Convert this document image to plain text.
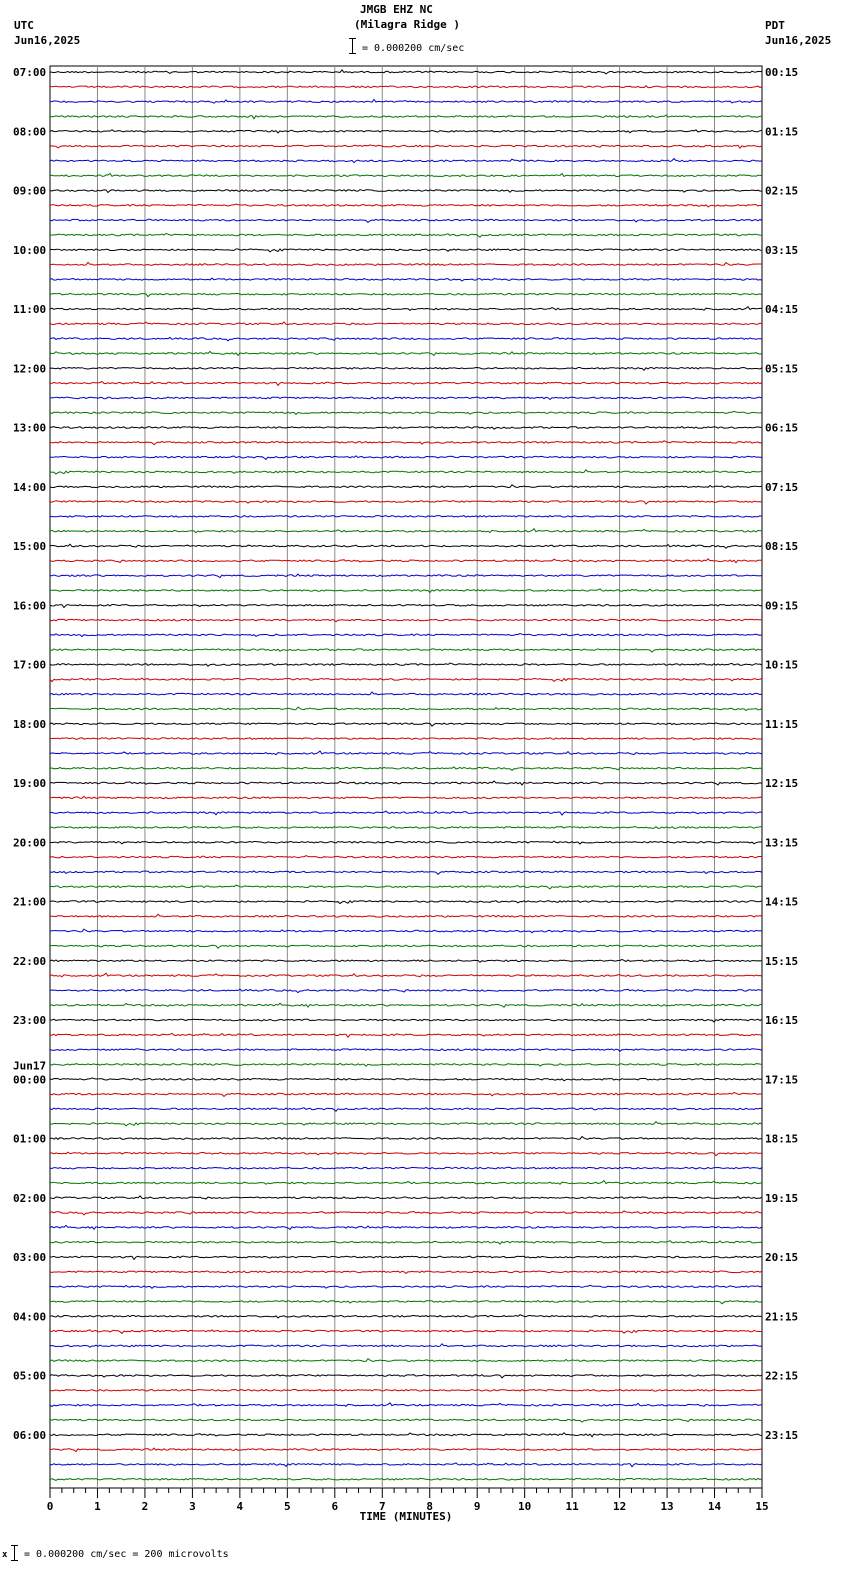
JMGB EHZ NC
(Milagra Ridge )
UTC
Jun16,2025
PDT
Jun16,2025
= 0.000200 cm/sec
07:00	00:15
08:00	01:15
09:00	02:15
10:00	03:15
11:00	04:15
12:00	05:15
13:00	06:15
14:00	07:15
15:00	08:15
16:00	09:15
17:00	10:15
18:00	11:15
19:00	12:15
20:00	13:15
21:00	14:15
22:00	15:15
23:00	16:15
00:00	17:15
Jun17
01:00	18:15
02:00	19:15
03:00	20:15
04:00	21:15
05:00	22:15
06:00	23:15
0	1	2	3	4	5	6	7	8	9	10	11	12	13	14	15
TIME (MINUTES)
x = 0.000200 cm/sec = 200 microvolts
